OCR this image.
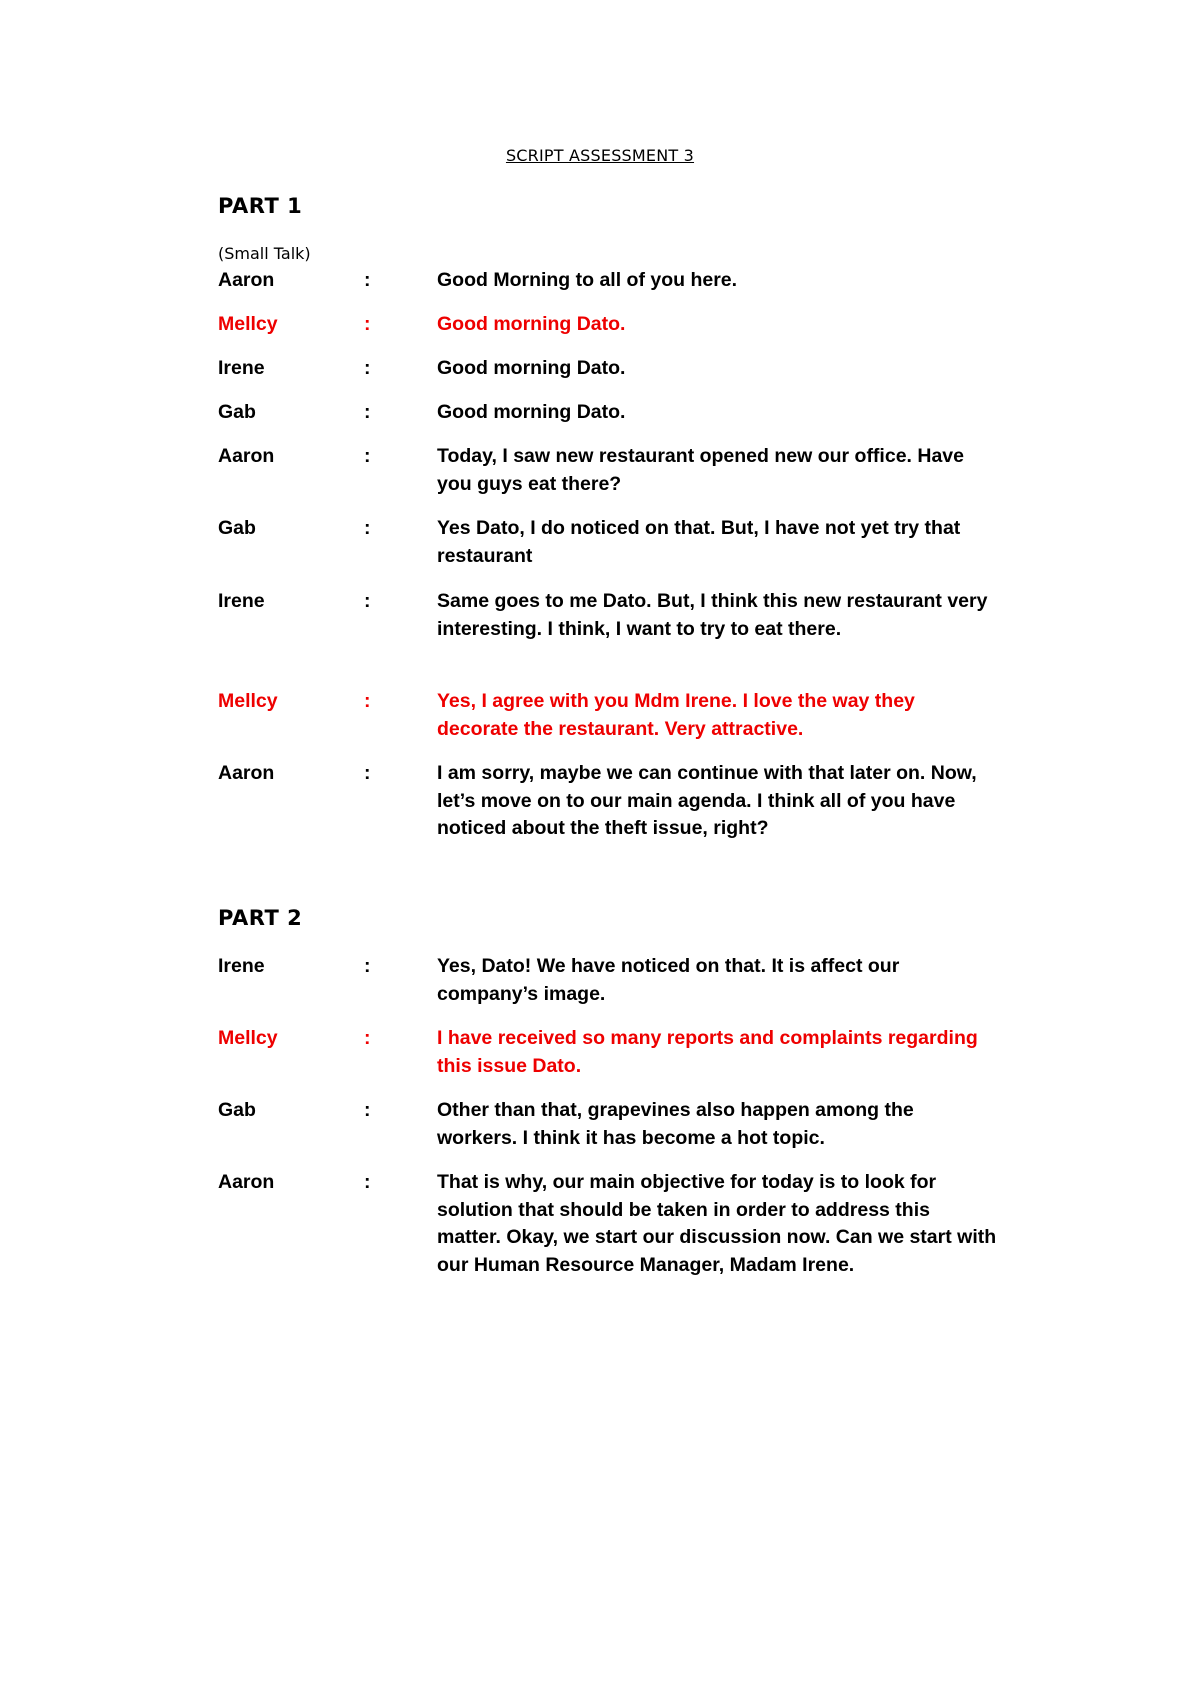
SCRIPT ASSESSMENT 3
PART 1
(Small Talk)
Aaron	:	Good Morning to all of you here.
Mellcy	:	Good morning Dato.
Irene	:	Good morning Dato.
Gab	:	Good morning Dato.
Aaron	:	Today, I saw new restaurant opened new our office. Have you guys eat there?
Gab	:	Yes Dato, I do noticed on that. But, I have not yet try that restaurant
Irene	:	Same goes to me Dato. But, I think this new restaurant very interesting. I think, I want to try to eat there.
Mellcy	:	Yes, I agree with you Mdm Irene. I love the way they decorate the restaurant. Very attractive.
Aaron	:	I am sorry, maybe we can continue with that later on. Now, let’s move on to our main agenda. I think all of you have noticed about the theft issue, right?
PART 2
Irene	:	Yes, Dato! We have noticed on that. It is affect our company’s image.
Mellcy	:	I have received so many reports and complaints regarding this issue Dato.
Gab	:	Other than that, grapevines also happen among the workers. I think it has become a hot topic.
Aaron	:	That is why, our main objective for today is to look for solution that should be taken in order to address this matter. Okay, we start our discussion now. Can we start with our Human Resource Manager, Madam Irene.
